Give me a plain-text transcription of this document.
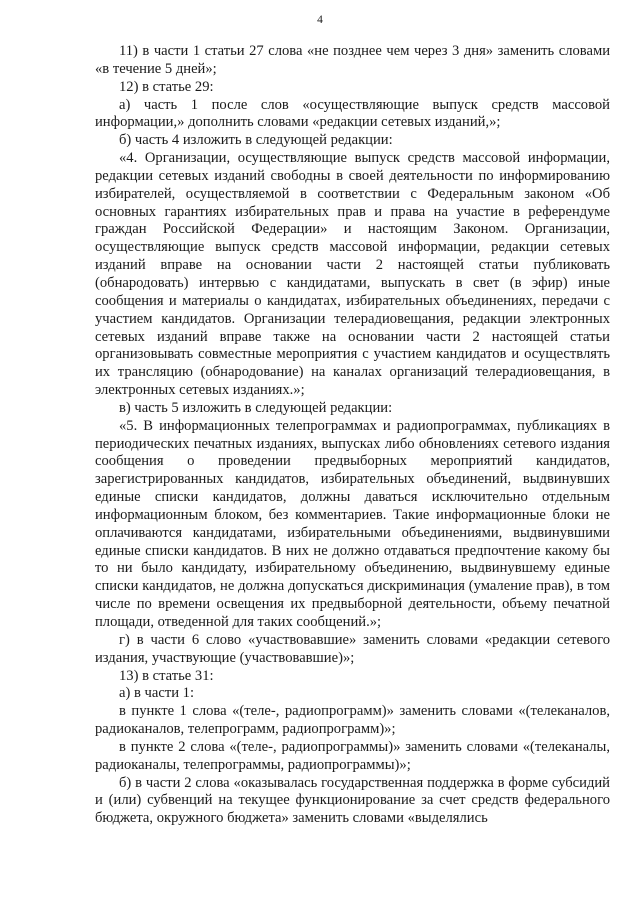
4

11) в части 1 статьи 27 слова «не позднее чем через 3 дня» заменить словами «в течение 5 дней»;

12) в статье 29:

а) часть 1 после слов «осуществляющие выпуск средств массовой информации,» дополнить словами «редакции сетевых изданий,»;

б) часть 4 изложить в следующей редакции:

«4. Организации, осуществляющие выпуск средств массовой информации, редакции сетевых изданий свободны в своей деятельности по информированию избирателей, осуществляемой в соответствии с Федеральным законом «Об основных гарантиях избирательных прав и права на участие в референдуме граждан Российской Федерации» и настоящим Законом. Организации, осуществляющие выпуск средств массовой информации, редакции сетевых изданий вправе на основании части 2 настоящей статьи публиковать (обнародовать) интервью с кандидатами, выпускать в свет (в эфир) иные сообщения и материалы о кандидатах, избирательных объединениях, передачи с участием кандидатов. Организации телерадиовещания, редакции электронных сетевых изданий вправе также на основании части 2 настоящей статьи организовывать совместные мероприятия с участием кандидатов и осуществлять их трансляцию (обнародование) на каналах организаций телерадиовещания, в электронных сетевых изданиях.»;

в) часть 5 изложить в следующей редакции:

«5. В информационных телепрограммах и радиопрограммах, публикациях в периодических печатных изданиях, выпусках либо обновлениях сетевого издания сообщения о проведении предвыборных мероприятий кандидатов, зарегистрированных кандидатов, избирательных объединений, выдвинувших единые списки кандидатов, должны даваться исключительно отдельным информационным блоком, без комментариев. Такие информационные блоки не оплачиваются кандидатами, избирательными объединениями, выдвинувшими единые списки кандидатов. В них не должно отдаваться предпочтение какому бы то ни было кандидату, избирательному объединению, выдвинувшему единые списки кандидатов, не должна допускаться дискриминация (умаление прав), в том числе по времени освещения их предвыборной деятельности, объему печатной площади, отведенной для таких сообщений.»;

г) в части 6 слово «участвовавшие» заменить словами «редакции сетевого издания, участвующие (участвовавшие)»;

13) в статье 31:

а) в части 1:

в пункте 1 слова «(теле-, радиопрограмм)» заменить словами «(телеканалов, радиоканалов, телепрограмм, радиопрограмм)»;

в пункте 2 слова «(теле-, радиопрограммы)» заменить словами «(телеканалы, радиоканалы, телепрограммы, радиопрограммы)»;

б) в части 2 слова «оказывалась государственная поддержка в форме субсидий и (или) субвенций на текущее функционирование за счет средств федерального бюджета, окружного бюджета» заменить словами «выделялись
